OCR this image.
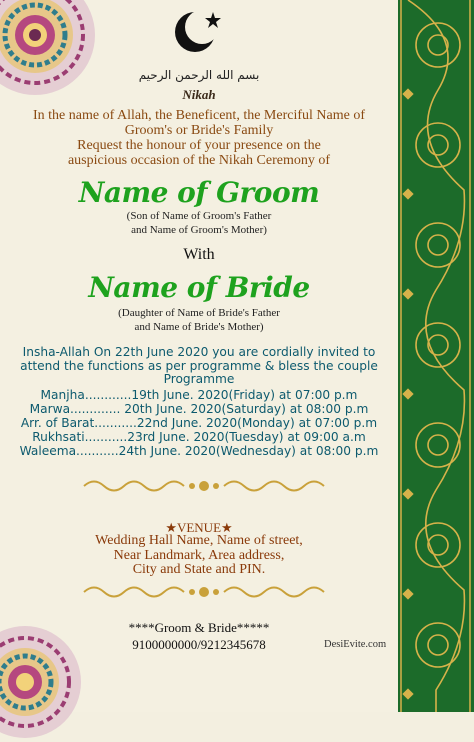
بسم الله الرحمن الرحيم
Nikah
In the name of Allah, the Beneficent, the Merciful Name of
Groom's or Bride's Family
Request the honour of your presence on the
auspicious occasion of the Nikah Ceremony of
Name of Groom
(Son of Name of Groom's Father
and Name of Groom's Mother)
With
Name of Bride
(Daughter of Name of Bride's Father
and Name of Bride's Mother)
Insha-Allah On 22th June 2020 you are cordially invited to
attend the functions as per programme & bless the couple
Programme
Manjha............19th June. 2020(Friday) at 07:00 p.m
Marwa............. 20th June. 2020(Saturday) at 08:00 p.m
Arr. of Barat...........22nd June. 2020(Monday) at 07:00 p.m
Rukhsati...........23rd June. 2020(Tuesday) at 09:00 a.m
Waleema...........24th June. 2020(Wednesday) at 08:00 p.m
★VENUE★
Wedding Hall Name, Name of street,
Near Landmark, Area address,
City and State and PIN.
****Groom & Bride*****
9100000000/9212345678	DesiEvite.com
